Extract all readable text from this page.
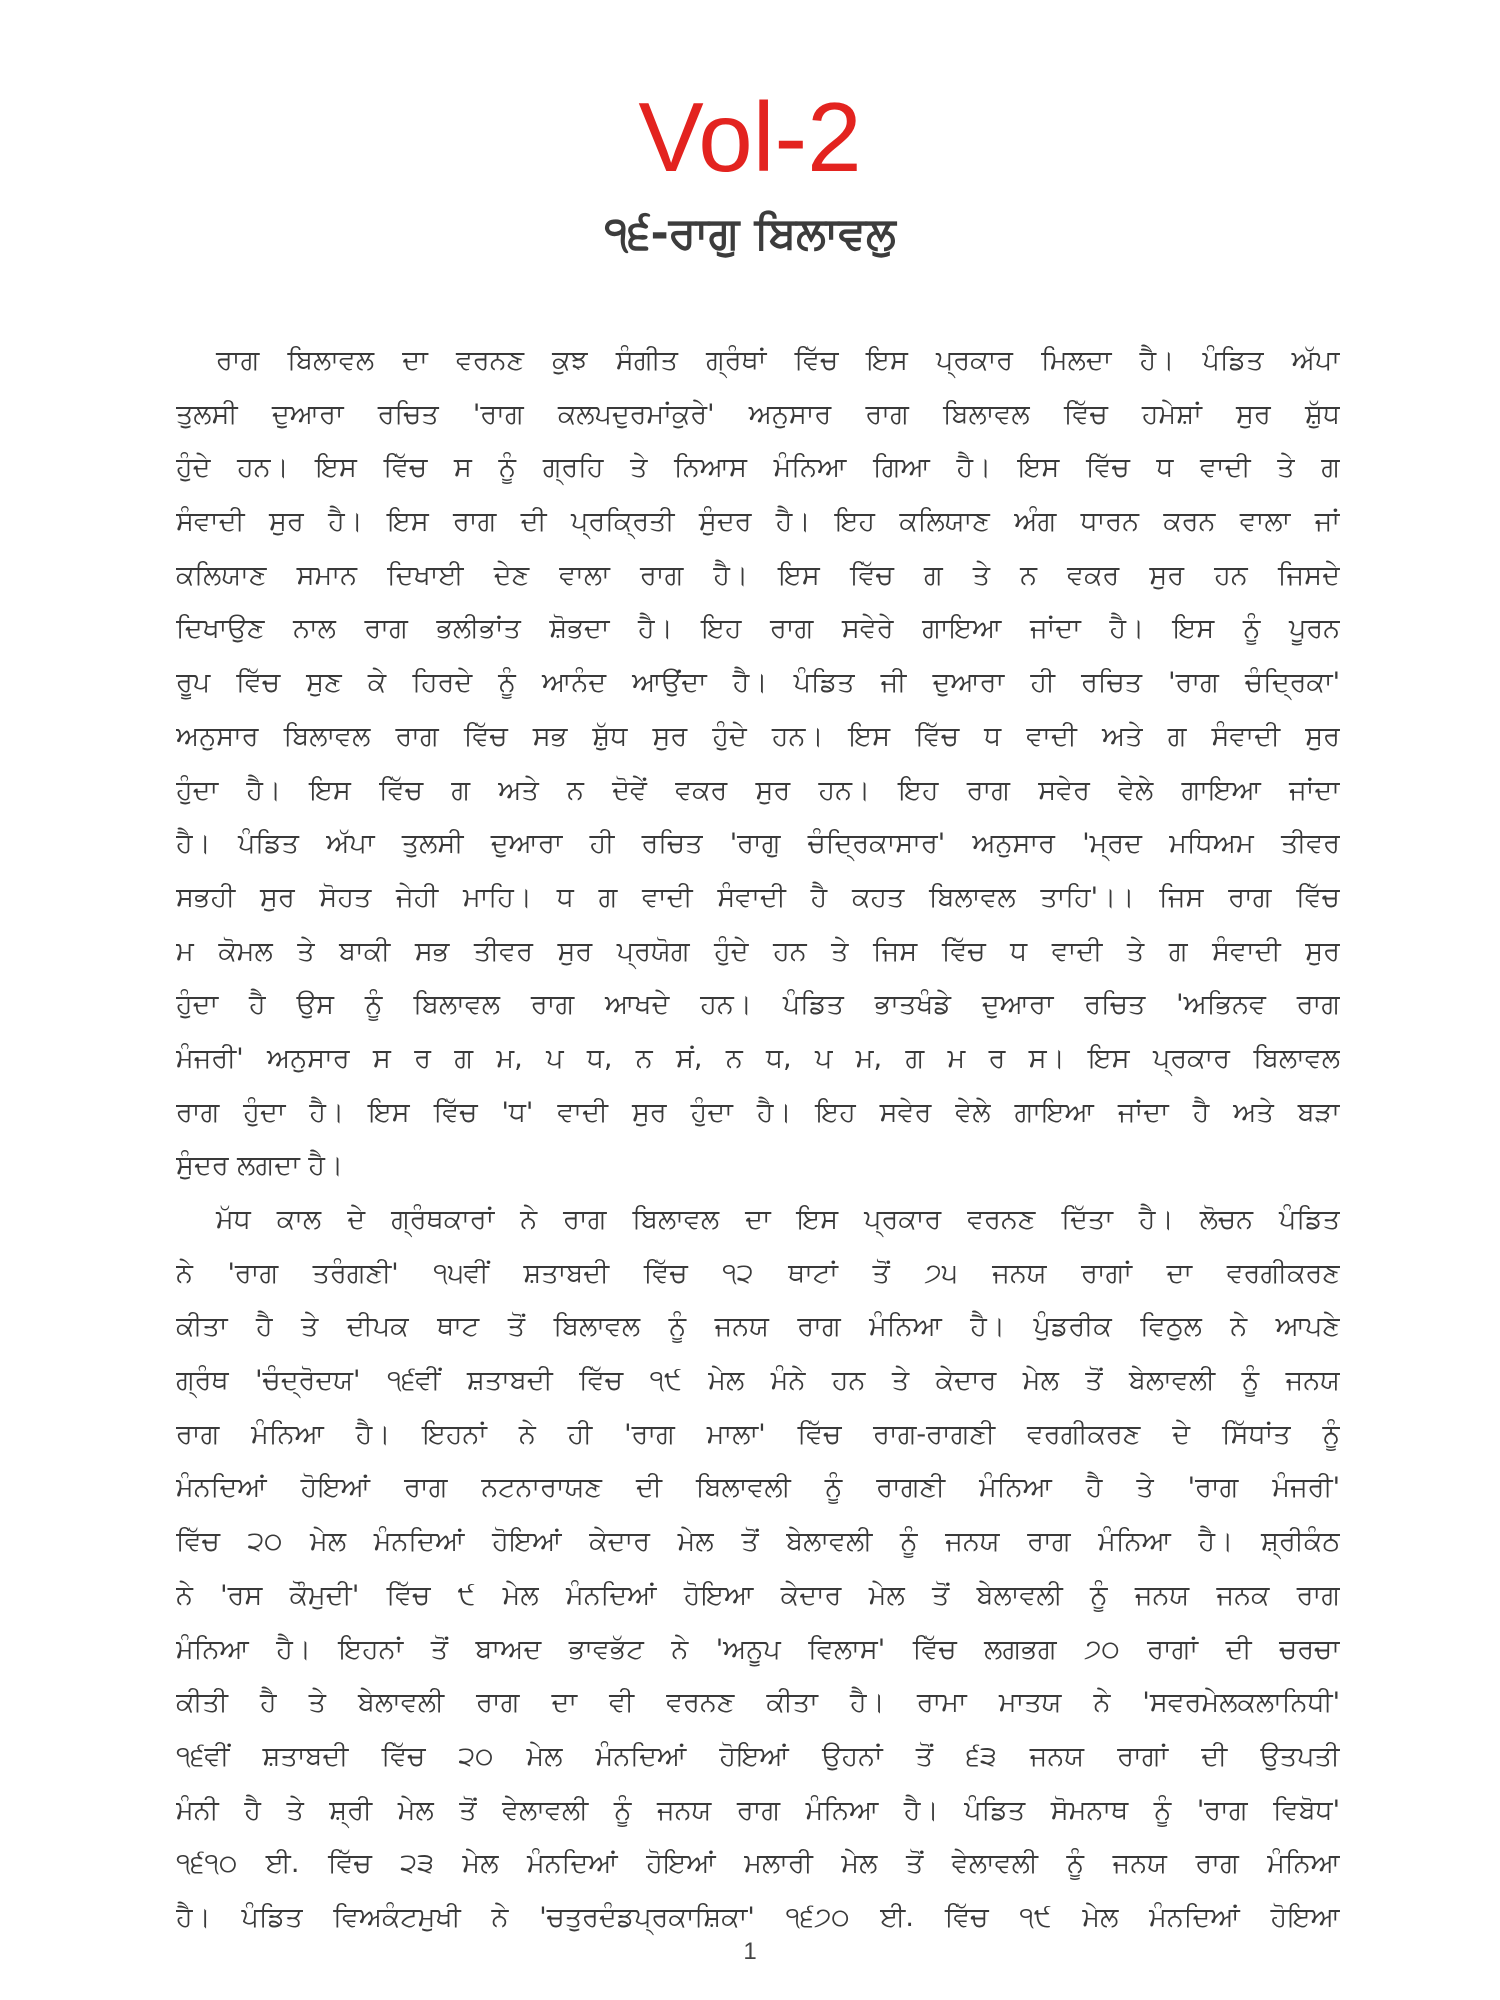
Vol-2
੧੬-ਰਾਗੁ ਬਿਲਾਵਲੁ
ਰਾਗ ਬਿਲਾਵਲ ਦਾ ਵਰਨਣ ਕੁਝ ਸੰਗੀਤ ਗ੍ਰੰਥਾਂ ਵਿੱਚ ਇਸ ਪ੍ਰਕਾਰ ਮਿਲਦਾ ਹੈ। ਪੰਡਿਤ ਅੱਪਾ
ਤੁਲਸੀ ਦੁਆਰਾ ਰਚਿਤ 'ਰਾਗ ਕਲਪਦੁਰਮਾਂਕੁਰੇ' ਅਨੁਸਾਰ ਰਾਗ ਬਿਲਾਵਲ ਵਿੱਚ ਹਮੇਸ਼ਾਂ ਸੁਰ ਸ਼ੁੱਧ
ਹੁੰਦੇ ਹਨ। ਇਸ ਵਿੱਚ ਸ ਨੂੰ ਗ੍ਰਹਿ ਤੇ ਨਿਆਸ ਮੰਨਿਆ ਗਿਆ ਹੈ। ਇਸ ਵਿੱਚ ਧ ਵਾਦੀ ਤੇ ਗ
ਸੰਵਾਦੀ ਸੁਰ ਹੈ। ਇਸ ਰਾਗ ਦੀ ਪ੍ਰਕ੍ਰਿਤੀ ਸੁੰਦਰ ਹੈ। ਇਹ ਕਲਿਯਾਣ ਅੰਗ ਧਾਰਨ ਕਰਨ ਵਾਲਾ ਜਾਂ
ਕਲਿਯਾਣ ਸਮਾਨ ਦਿਖਾਈ ਦੇਣ ਵਾਲਾ ਰਾਗ ਹੈ। ਇਸ ਵਿੱਚ ਗ ਤੇ ਨ ਵਕਰ ਸੁਰ ਹਨ ਜਿਸਦੇ
ਦਿਖਾਉਣ ਨਾਲ ਰਾਗ ਭਲੀਭਾਂਤ ਸ਼ੋਭਦਾ ਹੈ। ਇਹ ਰਾਗ ਸਵੇਰੇ ਗਾਇਆ ਜਾਂਦਾ ਹੈ। ਇਸ ਨੂੰ ਪੂਰਨ
ਰੂਪ ਵਿੱਚ ਸੁਣ ਕੇ ਹਿਰਦੇ ਨੂੰ ਆਨੰਦ ਆਉਂਦਾ ਹੈ। ਪੰਡਿਤ ਜੀ ਦੁਆਰਾ ਹੀ ਰਚਿਤ 'ਰਾਗ ਚੰਦ੍ਰਿਕਾ'
ਅਨੁਸਾਰ ਬਿਲਾਵਲ ਰਾਗ ਵਿੱਚ ਸਭ ਸ਼ੁੱਧ ਸੁਰ ਹੁੰਦੇ ਹਨ। ਇਸ ਵਿੱਚ ਧ ਵਾਦੀ ਅਤੇ ਗ ਸੰਵਾਦੀ ਸੁਰ
ਹੁੰਦਾ ਹੈ। ਇਸ ਵਿੱਚ ਗ ਅਤੇ ਨ ਦੋਵੇਂ ਵਕਰ ਸੁਰ ਹਨ। ਇਹ ਰਾਗ ਸਵੇਰ ਵੇਲੇ ਗਾਇਆ ਜਾਂਦਾ
ਹੈ। ਪੰਡਿਤ ਅੱਪਾ ਤੁਲਸੀ ਦੁਆਰਾ ਹੀ ਰਚਿਤ 'ਰਾਗੁ ਚੰਦ੍ਰਿਕਾਸਾਰ' ਅਨੁਸਾਰ 'ਮ੍ਰਦ ਮਧਿਅਮ ਤੀਵਰ
ਸਭਹੀ ਸੁਰ ਸੋਹਤ ਜੇਹੀ ਮਾਹਿ। ਧ ਗ ਵਾਦੀ ਸੰਵਾਦੀ ਹੈ ਕਹਤ ਬਿਲਾਵਲ ਤਾਹਿ'।। ਜਿਸ ਰਾਗ ਵਿੱਚ
ਮ ਕੋਮਲ ਤੇ ਬਾਕੀ ਸਭ ਤੀਵਰ ਸੁਰ ਪ੍ਰਯੋਗ ਹੁੰਦੇ ਹਨ ਤੇ ਜਿਸ ਵਿੱਚ ਧ ਵਾਦੀ ਤੇ ਗ ਸੰਵਾਦੀ ਸੁਰ
ਹੁੰਦਾ ਹੈ ਉਸ ਨੂੰ ਬਿਲਾਵਲ ਰਾਗ ਆਖਦੇ ਹਨ। ਪੰਡਿਤ ਭਾਤਖੰਡੇ ਦੁਆਰਾ ਰਚਿਤ 'ਅਭਿਨਵ ਰਾਗ
ਮੰਜਰੀ' ਅਨੁਸਾਰ ਸ ਰ ਗ ਮ, ਪ ਧ, ਨ ਸਂ, ਨ ਧ, ਪ ਮ, ਗ ਮ ਰ ਸ। ਇਸ ਪ੍ਰਕਾਰ ਬਿਲਾਵਲ
ਰਾਗ ਹੁੰਦਾ ਹੈ। ਇਸ ਵਿੱਚ 'ਧ' ਵਾਦੀ ਸੁਰ ਹੁੰਦਾ ਹੈ। ਇਹ ਸਵੇਰ ਵੇਲੇ ਗਾਇਆ ਜਾਂਦਾ ਹੈ ਅਤੇ ਬੜਾ
ਸੁੰਦਰ ਲਗਦਾ ਹੈ।
ਮੱਧ ਕਾਲ ਦੇ ਗ੍ਰੰਥਕਾਰਾਂ ਨੇ ਰਾਗ ਬਿਲਾਵਲ ਦਾ ਇਸ ਪ੍ਰਕਾਰ ਵਰਨਣ ਦਿੱਤਾ ਹੈ। ਲੋਚਨ ਪੰਡਿਤ
ਨੇ 'ਰਾਗ ਤਰੰਗਣੀ' ੧੫ਵੀਂ ਸ਼ਤਾਬਦੀ ਵਿੱਚ ੧੨ ਥਾਟਾਂ ਤੋਂ ੭੫ ਜਨਯ ਰਾਗਾਂ ਦਾ ਵਰਗੀਕਰਣ
ਕੀਤਾ ਹੈ ਤੇ ਦੀਪਕ ਥਾਟ ਤੋਂ ਬਿਲਾਵਲ ਨੂੰ ਜਨਯ ਰਾਗ ਮੰਨਿਆ ਹੈ। ਪੁੰਡਰੀਕ ਵਿਠੁਲ ਨੇ ਆਪਣੇ
ਗ੍ਰੰਥ 'ਚੰਦ੍ਰੋਦਯ' ੧੬ਵੀਂ ਸ਼ਤਾਬਦੀ ਵਿੱਚ ੧੯ ਮੇਲ ਮੰਨੇ ਹਨ ਤੇ ਕੇਦਾਰ ਮੇਲ ਤੋਂ ਬੇਲਾਵਲੀ ਨੂੰ ਜਨਯ
ਰਾਗ ਮੰਨਿਆ ਹੈ। ਇਹਨਾਂ ਨੇ ਹੀ 'ਰਾਗ ਮਾਲਾ' ਵਿੱਚ ਰਾਗ-ਰਾਗਣੀ ਵਰਗੀਕਰਣ ਦੇ ਸਿੱਧਾਂਤ ਨੂੰ
ਮੰਨਦਿਆਂ ਹੋਇਆਂ ਰਾਗ ਨਟਨਾਰਾਯਣ ਦੀ ਬਿਲਾਵਲੀ ਨੂੰ ਰਾਗਣੀ ਮੰਨਿਆ ਹੈ ਤੇ 'ਰਾਗ ਮੰਜਰੀ'
ਵਿੱਚ ੨੦ ਮੇਲ ਮੰਨਦਿਆਂ ਹੋਇਆਂ ਕੇਦਾਰ ਮੇਲ ਤੋਂ ਬੇਲਾਵਲੀ ਨੂੰ ਜਨਯ ਰਾਗ ਮੰਨਿਆ ਹੈ। ਸ਼੍ਰੀਕੰਠ
ਨੇ 'ਰਸ ਕੌਮੁਦੀ' ਵਿੱਚ ੯ ਮੇਲ ਮੰਨਦਿਆਂ ਹੋਇਆ ਕੇਦਾਰ ਮੇਲ ਤੋਂ ਬੇਲਾਵਲੀ ਨੂੰ ਜਨਯ ਜਨਕ ਰਾਗ
ਮੰਨਿਆ ਹੈ। ਇਹਨਾਂ ਤੋਂ ਬਾਅਦ ਭਾਵਭੱਟ ਨੇ 'ਅਨੂਪ ਵਿਲਾਸ' ਵਿੱਚ ਲਗਭਗ ੭੦ ਰਾਗਾਂ ਦੀ ਚਰਚਾ
ਕੀਤੀ ਹੈ ਤੇ ਬੇਲਾਵਲੀ ਰਾਗ ਦਾ ਵੀ ਵਰਨਣ ਕੀਤਾ ਹੈ। ਰਾਮਾ ਮਾਤਯ ਨੇ 'ਸਵਰਮੇਲਕਲਾਨਿਧੀ'
੧੬ਵੀਂ ਸ਼ਤਾਬਦੀ ਵਿੱਚ ੨੦ ਮੇਲ ਮੰਨਦਿਆਂ ਹੋਇਆਂ ਉਹਨਾਂ ਤੋਂ ੬੩ ਜਨਯ ਰਾਗਾਂ ਦੀ ਉਤਪਤੀ
ਮੰਨੀ ਹੈ ਤੇ ਸ਼੍ਰੀ ਮੇਲ ਤੋਂ ਵੇਲਾਵਲੀ ਨੂੰ ਜਨਯ ਰਾਗ ਮੰਨਿਆ ਹੈ। ਪੰਡਿਤ ਸੋਮਨਾਥ ਨੂੰ 'ਰਾਗ ਵਿਬੋਧ'
੧੬੧੦ ਈ. ਵਿੱਚ ੨੩ ਮੇਲ ਮੰਨਦਿਆਂ ਹੋਇਆਂ ਮਲਾਰੀ ਮੇਲ ਤੋਂ ਵੇਲਾਵਲੀ ਨੂੰ ਜਨਯ ਰਾਗ ਮੰਨਿਆ
ਹੈ। ਪੰਡਿਤ ਵਿਅਕੰਟਮੁਖੀ ਨੇ 'ਚਤੁਰਦੰਡਪ੍ਰਕਾਸ਼ਿਕਾ' ੧੬੭੦ ਈ. ਵਿੱਚ ੧੯ ਮੇਲ ਮੰਨਦਿਆਂ ਹੋਇਆ
1
